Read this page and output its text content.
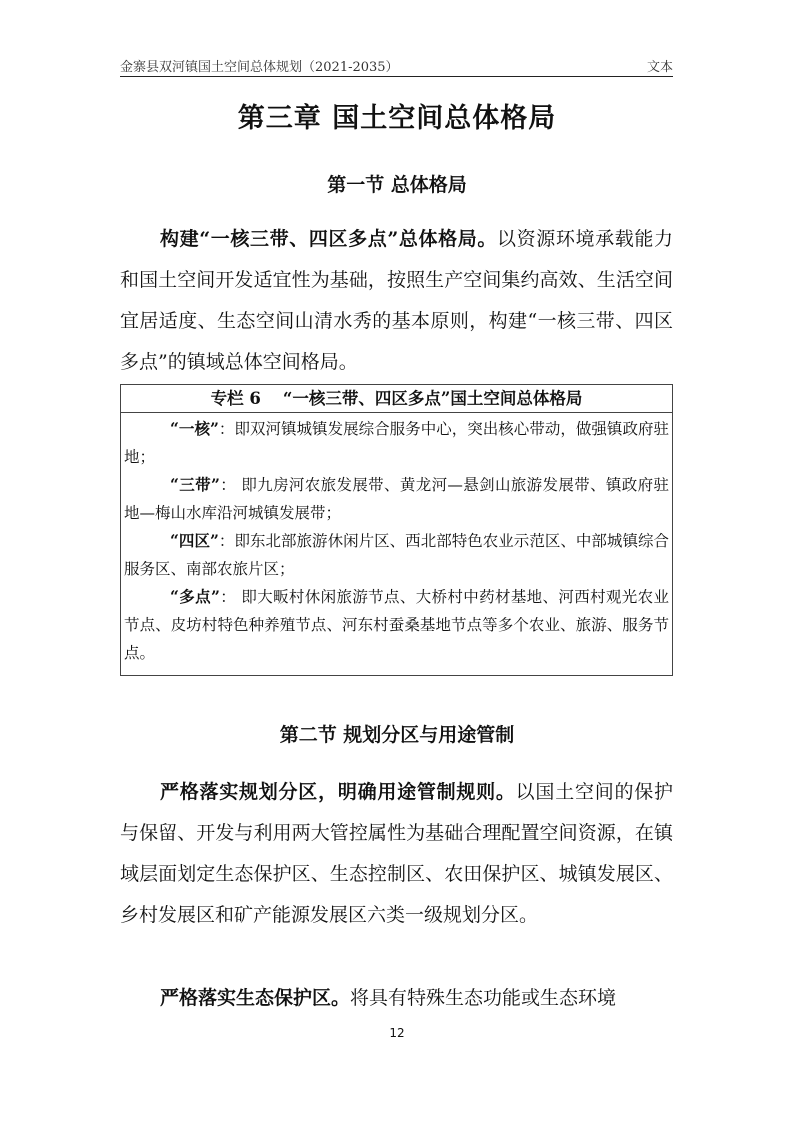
金寨县双河镇国土空间总体规划（2021-2035）	文本
第三章 国土空间总体格局
第一节 总体格局

构建“一核三带、四区多点”总体格局。以资源环境承载能力和国土空间开发适宜性为基础，按照生产空间集约高效、生活空间宜居适度、生态空间山清水秀的基本原则，构建“一核三带、四区多点”的镇域总体空间格局。

专栏 6 “一核三带、四区多点”国土空间总体格局

“一核”：即双河镇城镇发展综合服务中心，突出核心带动，做强镇政府驻地；

“三带”： 即九房河农旅发展带、黄龙河—悬剑山旅游发展带、镇政府驻地—梅山水库沿河城镇发展带；

“四区”：即东北部旅游休闲片区、西北部特色农业示范区、中部城镇综合服务区、南部农旅片区；

“多点”： 即大畈村休闲旅游节点、大桥村中药材基地、河西村观光农业节点、皮坊村特色种养殖节点、河东村蚕桑基地节点等多个农业、旅游、服务节点。

第二节 规划分区与用途管制

严格落实规划分区，明确用途管制规则。以国土空间的保护与保留、开发与利用两大管控属性为基础合理配置空间资源，在镇域层面划定生态保护区、生态控制区、农田保护区、城镇发展区、乡村发展区和矿产能源发展区六类一级规划分区。

严格落实生态保护区。将具有特殊生态功能或生态环境

12
